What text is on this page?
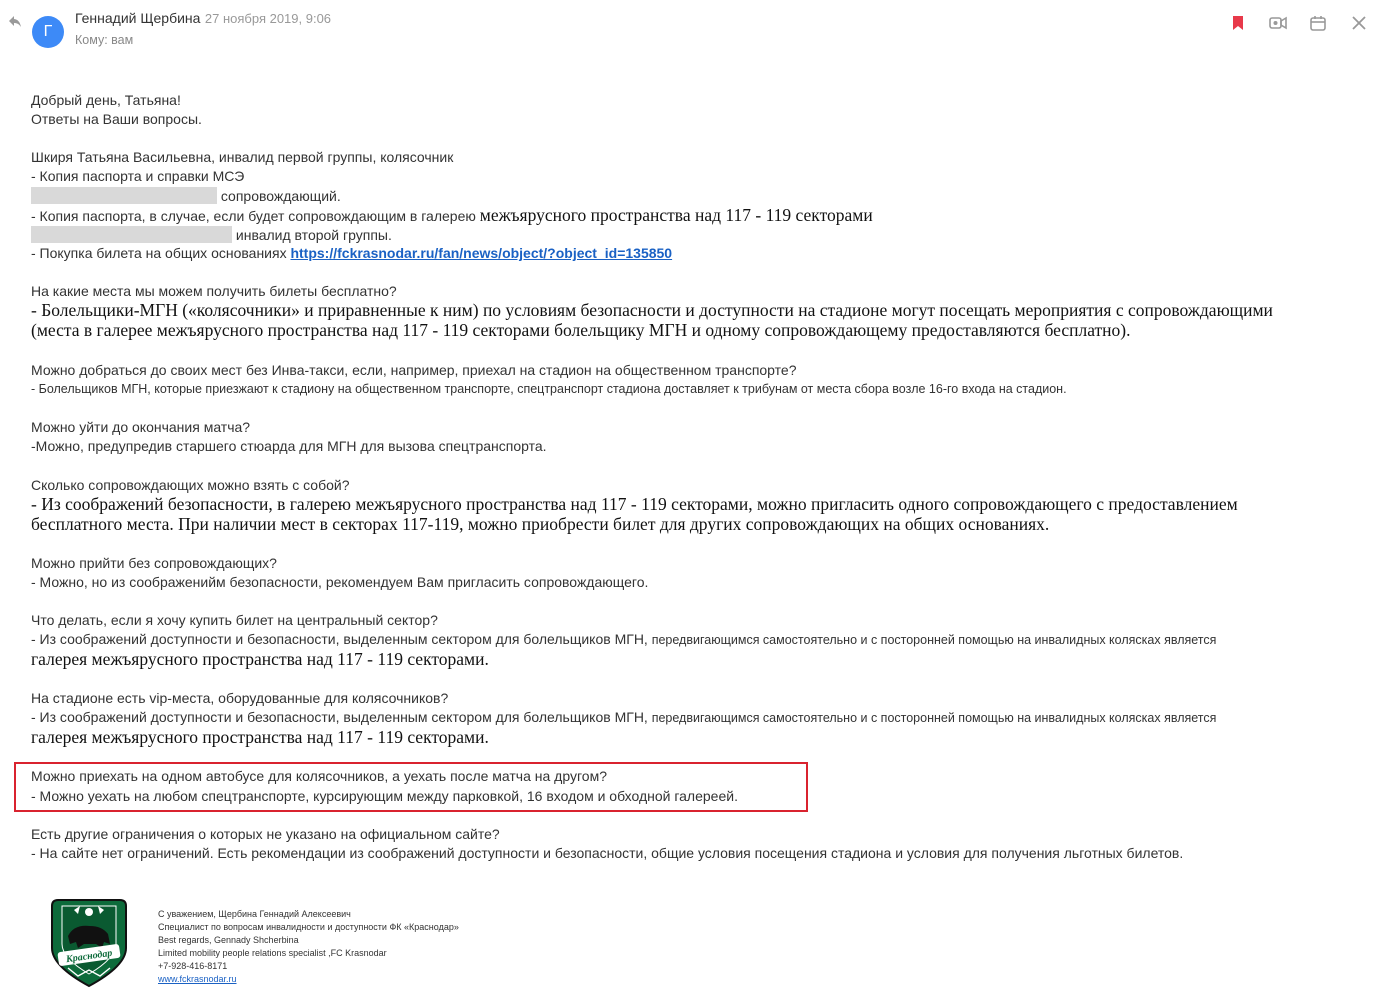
Г
Геннадий Щербина 27 ноября 2019, 9:06
Кому: вам
Добрый день, Татьяна!
Ответы на Ваши вопросы.
Шкиря Татьяна Васильевна, инвалид первой группы, колясочник
- Копия паспорта и справки МСЭ
сопровождающий.
- Копия паспорта, в случае, если будет сопровождающим в галерею межъярусного пространства над 117 - 119 секторами
инвалид второй группы.
- Покупка билета на общих основаниях https://fckrasnodar.ru/fan/news/object/?object_id=135850
На какие места мы можем получить билеты бесплатно?
- Болельщики-МГН («колясочники» и приравненные к ним) по условиям безопасности и доступности на стадионе могут посещать мероприятия с сопровождающими
(места в галерее межъярусного пространства над 117 - 119 секторами болельщику МГН и одному сопровождающему предоставляются бесплатно).
Можно добраться до своих мест без Инва-такси, если, например, приехал на стадион на общественном транспорте?
- Болельщиков МГН, которые приезжают к стадиону на общественном транспорте, спецтранспорт стадиона доставляет к трибунам от места сбора возле 16-го входа на стадион.
Можно уйти до окончания матча?
-Можно, предупредив старшего стюарда для МГН для вызова спецтранспорта.
Сколько сопровождающих можно взять с собой?
- Из соображений безопасности, в галерею межъярусного пространства над 117 - 119 секторами, можно пригласить одного сопровождающего с предоставлением
бесплатного места. При наличии мест в секторах 117-119, можно приобрести билет для других сопровождающих на общих основаниях.
Можно прийти без сопровождающих?
- Можно, но из соображенийм безопасности, рекомендуем Вам пригласить сопровождающего.
Что делать, если я хочу купить билет на центральный сектор?
- Из соображений доступности и безопасности, выделенным сектором для болельщиков МГН, передвигающимся самостоятельно и с посторонней помощью на инвалидных колясках является
галерея межъярусного пространства над 117 - 119 секторами.
На стадионе есть vip-места, оборудованные для колясочников?
- Из соображений доступности и безопасности, выделенным сектором для болельщиков МГН, передвигающимся самостоятельно и с посторонней помощью на инвалидных колясках является
галерея межъярусного пространства над 117 - 119 секторами.
Можно приехать на одном автобусе для колясочников, а уехать после матча на другом?
- Можно уехать на любом спецтранспорте, курсирующим между парковкой, 16 входом и обходной галереей.
Есть другие ограничения о которых не указано на официальном сайте?
- На сайте нет ограничений. Есть рекомендации из соображений доступности и безопасности, общие условия посещения стадиона и условия для получения льготных билетов.
Краснодар
С уважением, Щербина Геннадий Алексеевич
Специалист по вопросам инвалидности и доступности ФК «Краснодар»
Best regards, Gennady Shcherbina
Limited mobility people relations specialist ,FC Krasnodar
+7-928-416-8171
www.fckrasnodar.ru
